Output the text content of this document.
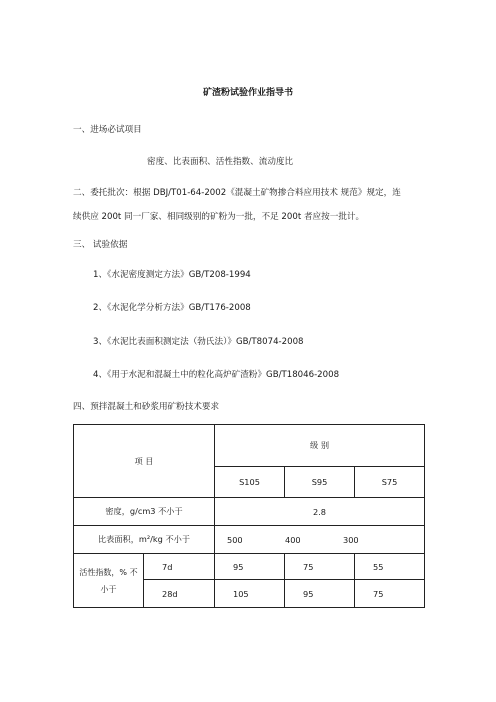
矿渣粉试验作业指导书
一、进场必试项目
密度、比表面积、活性指数、流动度比
二、委托批次：根据 DBJ/T01-64-2002《混凝土矿物掺合料应用技术 规范》规定，连
续供应 200t 同一厂家、相同级别的矿粉为一批，不足 200t 者应按一批计。
三、 试验依据
1、《水泥密度测定方法》GB/T208-1994
2、《水泥化学分析方法》GB/T176-2008
3、《水泥比表面积测定法（勃氏法）》GB/T8074-2008
4、《用于水泥和混凝土中的粒化高炉矿渣粉》GB/T18046-2008
四、预拌混凝土和砂浆用矿粉技术要求
项 目		级 别		
		S105	S95	S75
密度，g/cm3 不小于		2.8		
比表面积，m²/kg 不小于		500 400 300		

活性指数，% 不
小于	7d	95	75	55
	28d	105	95	75
